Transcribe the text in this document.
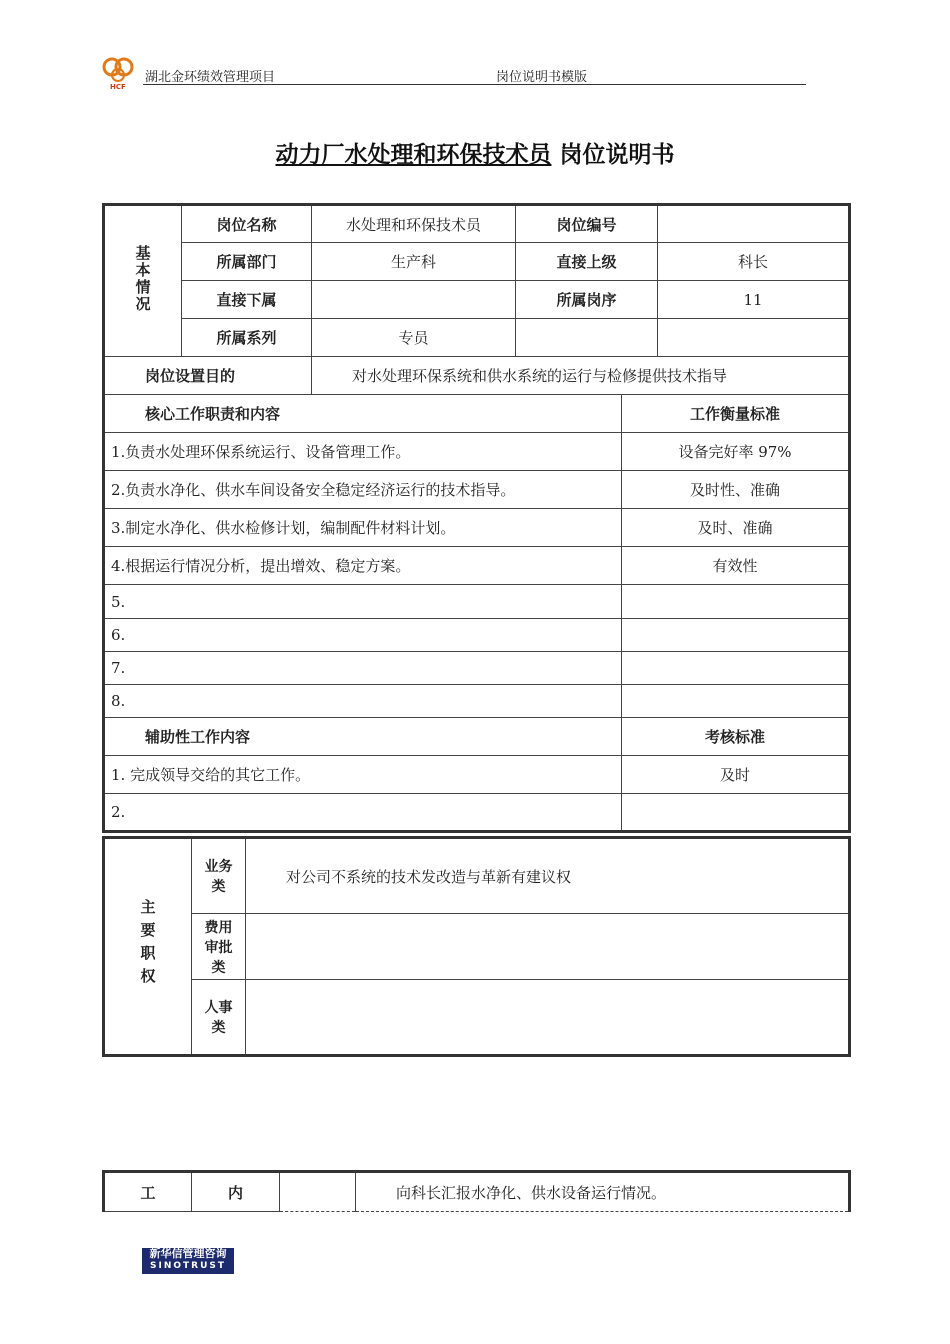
HCF
湖北金环绩效管理项目	岗位说明书模版
动力厂水处理和环保技术员 岗位说明书
基本情况	岗位名称	水处理和环保技术员	岗位编号		
	所属部门	生产科	直接上级		科长
	直接下属		所属岗序		11
	所属系列	专员			
岗位设置目的		对水处理环保系统和供水系统的运行与检修提供技术指导			
核心工作职责和内容				工作衡量标准	
1.负责水处理环保系统运行、设备管理工作。				设备完好率 97%	
2.负责水净化、供水车间设备安全稳定经济运行的技术指导。				及时性、准确	
3.制定水净化、供水检修计划，编制配件材料计划。				及时、准确	
4.根据运行情况分析，提出增效、稳定方案。				有效性	
5.					
6.					
7.					
8.					
辅助性工作内容				考核标准	
1. 完成领导交给的其它工作。				及时	
2.					
主要职权	业务类	对公司不系统的技术发改造与革新有建议权
	费用审批类	
	人事类	
工	内		向科长汇报水净化、供水设备运行情况。
新华信管理咨询
SINOTRUST
